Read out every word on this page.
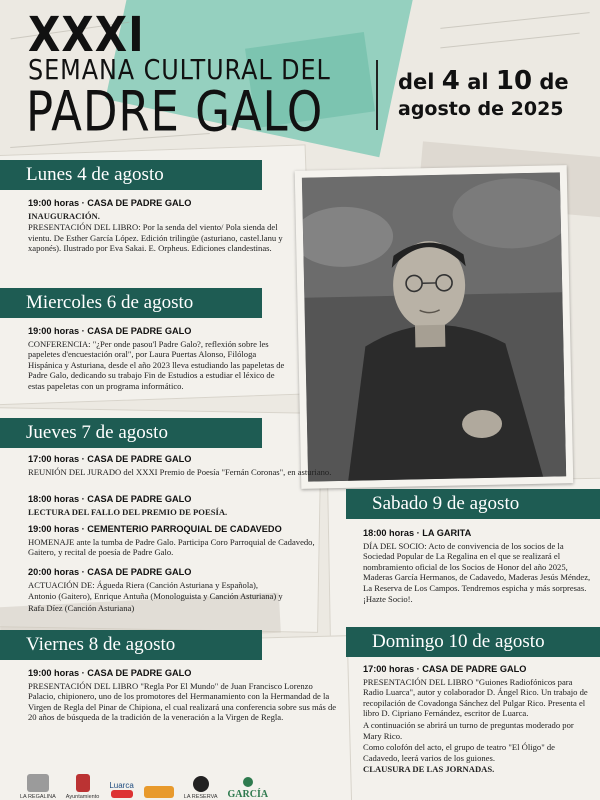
XXXI
SEMANA CULTURAL DEL
PADRE GALO	del 4 al 10 de
agosto de 2025
Lunes 4 de agosto
19:00 horas · CASA DE PADRE GALO

INAUGURACIÓN.

PRESENTACIÓN DEL LIBRO: Por la senda del viento/ Pola sienda del vientu. De Esther García López. Edición trilingüe (asturiano, castel.lanu y xaponés). Ilustrado por Eva Sakai. E. Orpheus. Ediciones clandestinas.

Miercoles 6 de agosto
19:00 horas · CASA DE PADRE GALO

CONFERENCIA: "¿Per onde pasou'l Padre Galo?, reflexión sobre les papeletes d'encuestación oral", por Laura Puertas Alonso, Filóloga Hispánica y Asturiana, desde el año 2023 lleva estudiando las papeletas de Padre Galo, dedicando su trabajo Fin de Estudios a estudiar el léxico de estas papeletas con un programa informático.

Jueves 7 de agosto
17:00 horas · CASA DE PADRE GALO

REUNIÓN DEL JURADO del XXXI Premio de Poesía "Fernán Coronas", en asturiano.

18:00 horas · CASA DE PADRE GALO

LECTURA DEL FALLO DEL PREMIO DE POESÍA.

19:00 horas · CEMENTERIO PARROQUIAL DE CADAVEDO

HOMENAJE ante la tumba de Padre Galo. Participa Coro Parroquial de Cadavedo, Gaitero, y recital de poesía de Padre Galo.

20:00 horas · CASA DE PADRE GALO

ACTUACIÓN DE: Águeda Riera (Canción Asturiana y Española),

Antonio (Gaitero), Enrique Antuña (Monologuista y Canción Asturiana) y

Rafa Díez (Canción Asturiana)

Viernes 8 de agosto
19:00 horas · CASA DE PADRE GALO

PRESENTACIÓN DEL LIBRO "Regla Por El Mundo" de Juan Francisco Lorenzo Palacio, chipionero, uno de los promotores del Hermanamiento con la Hermandad de la Virgen de Regla del Pinar de Chipiona, el cual realizará una conferencia sobre sus más de 20 años de búsqueda de la tradición de la veneración a la Virgen de Regla.

Sabado 9 de agosto
18:00 horas · LA GARITA

DÍA DEL SOCIO: Acto de convivencia de los socios de la Sociedad Popular de La Regalina en el que se realizará el nombramiento oficial de los Socios de Honor del año 2025, Maderas García Hermanos, de Cadavedo, Maderas Jesús Méndez, La Reserva de Los Campos. Tendremos espicha y más sorpresas. ¡Hazte Socio!.

Domingo 10 de agosto
17:00 horas · CASA DE PADRE GALO

PRESENTACIÓN DEL LIBRO "Guiones Radiofónicos para Radio Luarca", autor y colaborador D. Ángel Rico. Un trabajo de recopilación de Covadonga Sánchez del Pulgar Rico. Presenta el libro D. Cipriano Fernández, escritor de Luarca.

A continuación se abrirá un turno de preguntas moderado por Mary Rico.

Como colofón del acto, el grupo de teatro "El Óligo" de Cadavedo, leerá varios de los guiones.

CLAUSURA DE LAS JORNADAS.

LA REGALINA Ayuntamiento
Luarca
LA RESERVA GARCÍA
